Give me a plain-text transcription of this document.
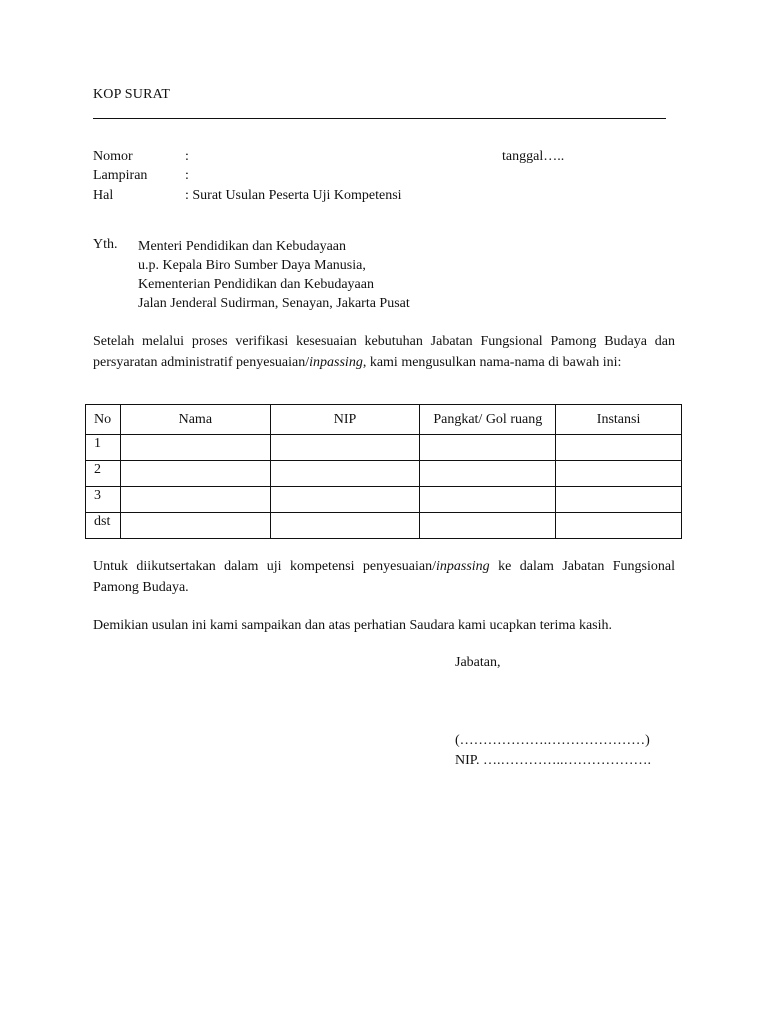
KOP SURAT
Nomor	:	tanggal…..
Lampiran	:
Hal	: Surat Usulan Peserta Uji Kompetensi
Yth. Menteri Pendidikan dan Kebudayaan
u.p. Kepala Biro Sumber Daya Manusia,
Kementerian Pendidikan dan Kebudayaan
Jalan Jenderal Sudirman, Senayan, Jakarta Pusat
Setelah melalui proses verifikasi kesesuaian kebutuhan Jabatan Fungsional Pamong Budaya dan persyaratan administratif penyesuaian/inpassing, kami mengusulkan nama-nama di bawah ini:
No	Nama	NIP	Pangkat/ Gol ruang	Instansi
1				
2				
3				
dst				
Untuk diikutsertakan dalam uji kompetensi penyesuaian/inpassing ke dalam Jabatan Fungsional Pamong Budaya.
Demikian usulan ini kami sampaikan dan atas perhatian Saudara kami ucapkan terima kasih.
Jabatan,
(……………….…………………)
NIP. ….…………..……………….
